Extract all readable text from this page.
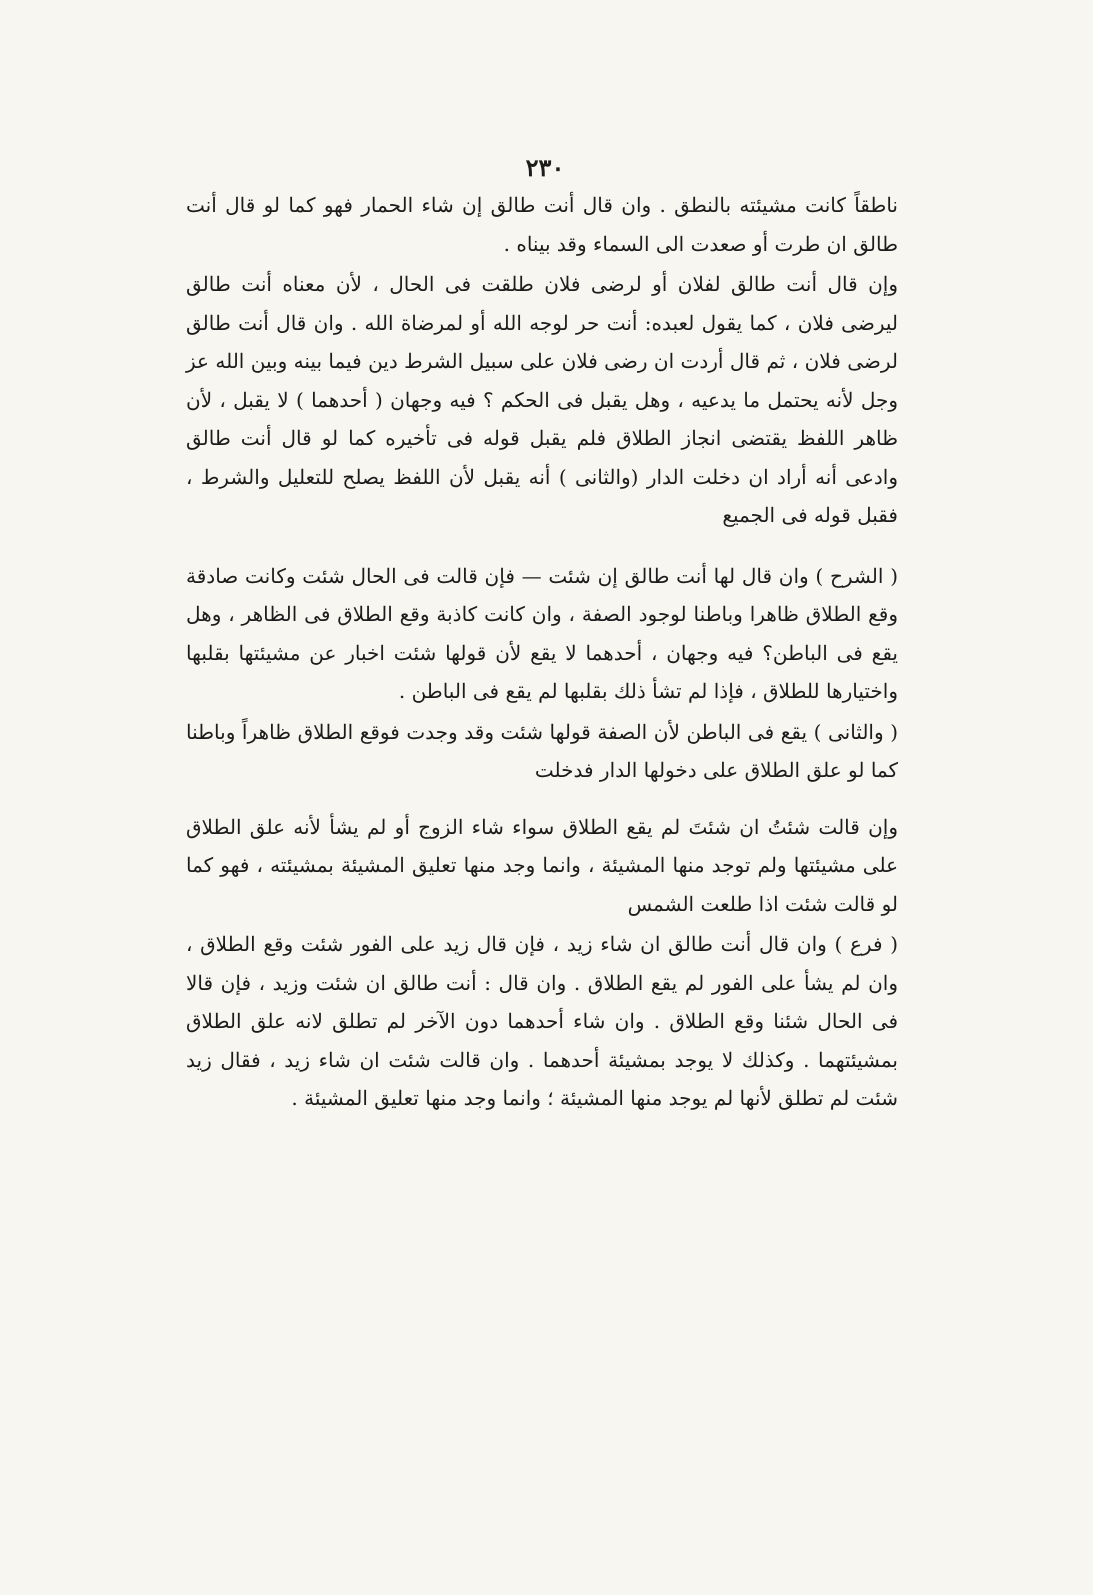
٢٣٠

ناطقاً كانت مشيئته بالنطق . وان قال أنت طالق إن شاء الحمار فهو كما لو قال أنت طالق ان طرت أو صعدت الى السماء وقد بيناه .

وإن قال أنت طالق لفلان أو لرضى فلان طلقت فى الحال ، لأن معناه أنت طالق ليرضى فلان ، كما يقول لعبده: أنت حر لوجه الله أو لمرضاة الله . وان قال أنت طالق لرضى فلان ، ثم قال أردت ان رضى فلان على سبيل الشرط دين فيما بينه وبين الله عز وجل لأنه يحتمل ما يدعيه ، وهل يقبل فى الحكم ؟ فيه وجهان ( أحدهما ) لا يقبل ، لأن ظاهر اللفظ يقتضى انجاز الطلاق فلم يقبل قوله فى تأخيره كما لو قال أنت طالق وادعى أنه أراد ان دخلت الدار (والثانى ) أنه يقبل لأن اللفظ يصلح للتعليل والشرط ، فقبل قوله فى الجميع

( الشرح ) وان قال لها أنت طالق إن شئت — فإن قالت فى الحال شئت وكانت صادقة وقع الطلاق ظاهرا وباطنا لوجود الصفة ، وان كانت كاذبة وقع الطلاق فى الظاهر ، وهل يقع فى الباطن؟ فيه وجهان ، أحدهما لا يقع لأن قولها شئت اخبار عن مشيئتها بقلبها واختيارها للطلاق ، فإذا لم تشأ ذلك بقلبها لم يقع فى الباطن .

( والثانى ) يقع فى الباطن لأن الصفة قولها شئت وقد وجدت فوقع الطلاق ظاهراً وباطنا كما لو علق الطلاق على دخولها الدار فدخلت

وإن قالت شئتُ ان شئتَ لم يقع الطلاق سواء شاء الزوج أو لم يشأ لأنه علق الطلاق على مشيئتها ولم توجد منها المشيئة ، وانما وجد منها تعليق المشيئة بمشيئته ، فهو كما لو قالت شئت اذا طلعت الشمس

( فرع ) وان قال أنت طالق ان شاء زيد ، فإن قال زيد على الفور شئت وقع الطلاق ، وان لم يشأ على الفور لم يقع الطلاق . وان قال : أنت طالق ان شئت وزيد ، فإن قالا فى الحال شئنا وقع الطلاق . وان شاء أحدهما دون الآخر لم تطلق لانه علق الطلاق بمشيئتهما . وكذلك لا يوجد بمشيئة أحدهما . وان قالت شئت ان شاء زيد ، فقال زيد شئت لم تطلق لأنها لم يوجد منها المشيئة ؛ وانما وجد منها تعليق المشيئة .
